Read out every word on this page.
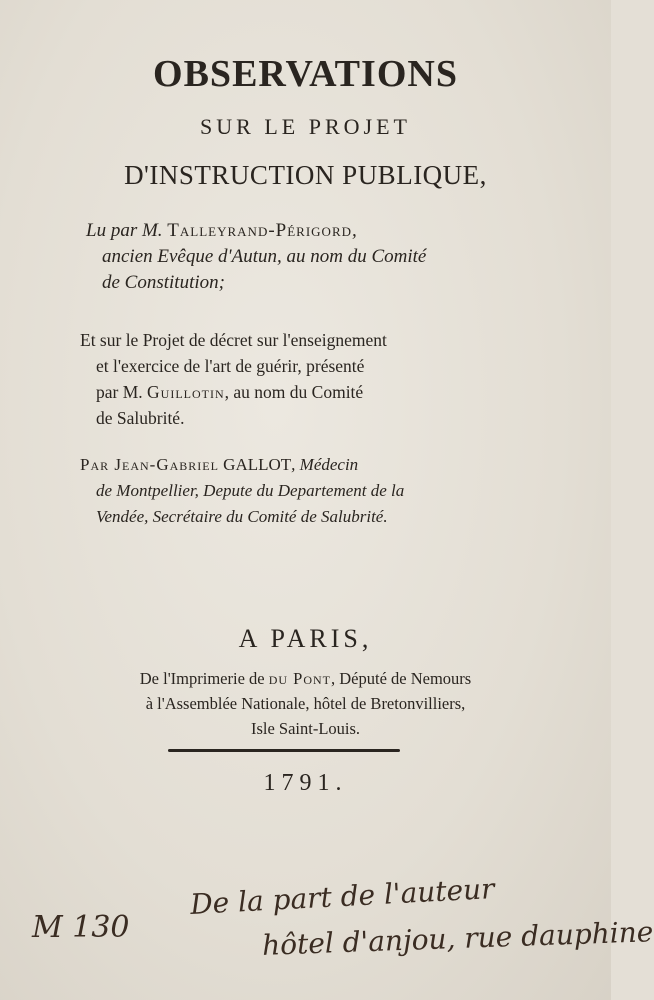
OBSERVATIONS
SUR LE PROJET
D'INSTRUCTION PUBLIQUE,
Lu par M. Talleyrand-Périgord,
ancien Evêque d'Autun, au nom du Comité
de Constitution;
Et sur le Projet de décret sur l'enseignement
et l'exercice de l'art de guérir, présenté
par M. Guillotin, au nom du Comité
de Salubrité.
Par Jean-Gabriel GALLOT, Médecin
de Montpellier, Depute du Departement de la
Vendée, Secrétaire du Comité de Salubrité.
A PARIS,
De l'Imprimerie de du Pont, Député de Nemours
à l'Assemblée Nationale, hôtel de Bretonvilliers,
Isle Saint-Louis.
1791.
M 130
De la part de l'auteur
hôtel d'anjou, rue dauphine
